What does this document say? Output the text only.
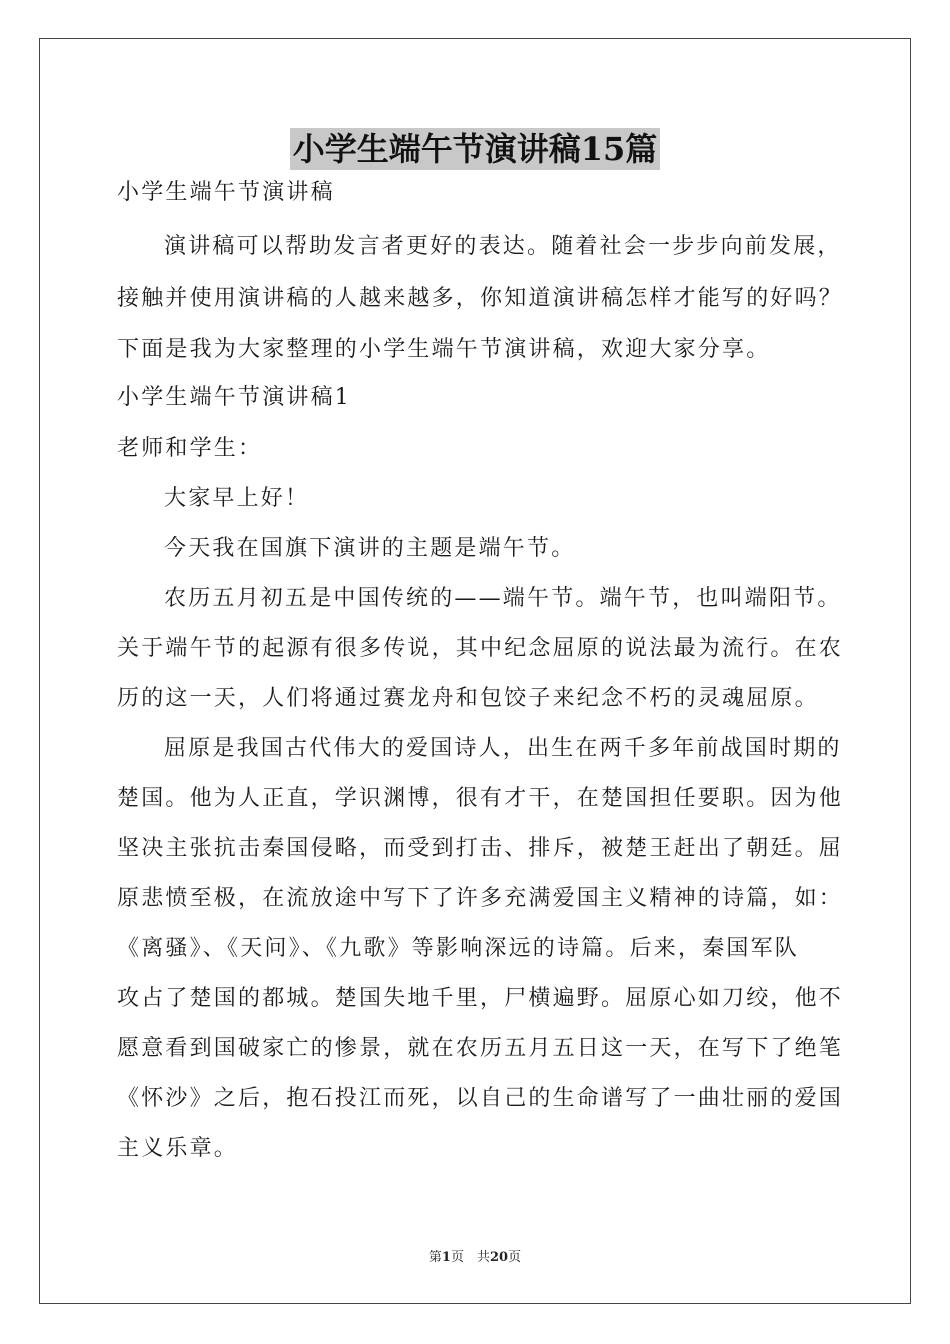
小学生端午节演讲稿15篇
小学生端午节演讲稿
演讲稿可以帮助发言者更好的表达。随着社会一步步向前发展，
接触并使用演讲稿的人越来越多，你知道演讲稿怎样才能写的好吗？
下面是我为大家整理的小学生端午节演讲稿，欢迎大家分享。
小学生端午节演讲稿1
老师和学生：
大家早上好！
今天我在国旗下演讲的主题是端午节。
农历五月初五是中国传统的——端午节。端午节，也叫端阳节。
关于端午节的起源有很多传说，其中纪念屈原的说法最为流行。在农
历的这一天，人们将通过赛龙舟和包饺子来纪念不朽的灵魂屈原。
屈原是我国古代伟大的爱国诗人，出生在两千多年前战国时期的
楚国。他为人正直，学识渊博，很有才干，在楚国担任要职。因为他
坚决主张抗击秦国侵略，而受到打击、排斥，被楚王赶出了朝廷。屈
原悲愤至极，在流放途中写下了许多充满爱国主义精神的诗篇，如：
《离骚》、《天问》、《九歌》等影响深远的诗篇。后来，秦国军队
攻占了楚国的都城。楚国失地千里，尸横遍野。屈原心如刀绞，他不
愿意看到国破家亡的惨景，就在农历五月五日这一天，在写下了绝笔
《怀沙》之后，抱石投江而死，以自己的生命谱写了一曲壮丽的爱国
主义乐章。
第1页　共20页
